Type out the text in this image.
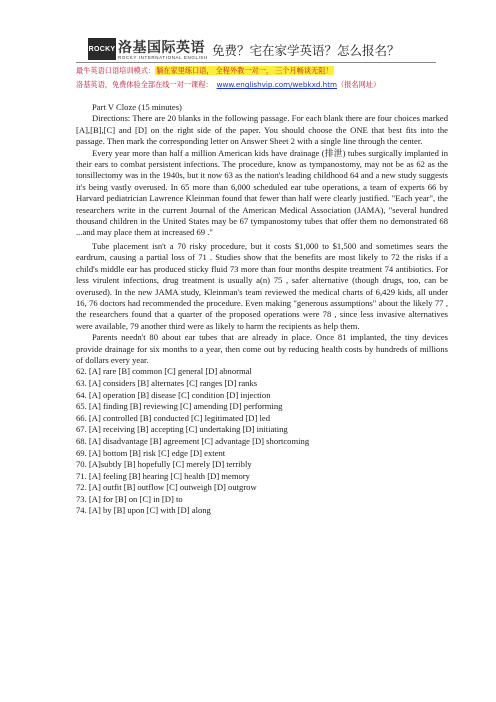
ROCKY 洛基国际英语
ROCKY INTERNATIONAL ENGLISH 免费？宅在家学英语？怎么报名？
最牛英语口语培训模式：躺在家里练口语， 全程外教一对一， 三个月畅谈无阻！
洛基英语，免费体验全部在线一对一课程： www.englishvip.com/webkxd.htm（报名网址）

Part V Cloze (15 minutes)

Directions: There are 20 blanks in the following passage. For each blank there are four choices marked [A],[B],[C] and [D] on the right side of the paper. You should choose the ONE that best fits into the passage. Then mark the corresponding letter on Answer Sheet 2 with a single line through the center.

Every year more than half a million American kids have drainage (排泄) tubes surgically implanted in their ears to combat persistent infections. The procedure, know as tympanostomy, may not be as 62 as the tonsillectomy was in the 1940s, but it now 63 as the nation's leading childhood 64 and a new study suggests it's being vastly overused. In 65 more than 6,000 scheduled ear tube operations, a team of experts 66 by Harvard pediatrician Lawrence Kleinman found that fewer than half were clearly justified. "Each year", the researchers write in the current Journal of the American Medical Association (JAMA), "several hundred thousand children in the United States may be 67 tympanostomy tubes that offer them no demonstrated 68 ...and may place them at increased 69 ."

Tube placement isn't a 70 risky procedure, but it costs $1,000 to $1,500 and sometimes sears the eardrum, causing a partial loss of 71 . Studies show that the benefits are most likely to 72 the risks if a child's middle ear has produced sticky fluid 73 more than four months despite treatment 74 antibiotics. For less virulent infections, drug treatment is usually a(n) 75 , safer alternative (though drugs, too, can be overused). In the new JAMA study, Kleinman's team reviewed the medical charts of 6,429 kids, all under 16, 76 doctors had recommended the procedure. Even making "generous assumptions" about the likely 77 , the researchers found that a quarter of the proposed operations were 78 , since less invasive alternatives were available, 79 another third were as likely to harm the recipients as help them.

Parents needn't 80 about ear tubes that are already in place. Once 81 implanted, the tiny devices provide drainage for six months to a year, then come out by reducing health costs by hundreds of millions of dollars every year.

62. [A] rare [B] common [C] general [D] abnormal

63. [A] considers [B] alternates [C] ranges [D] ranks

64. [A] operation [B] disease [C] condition [D] injection

65. [A] finding [B] reviewing [C] amending [D] performing

66. [A] controlled [B] conducted [C] legitimated [D] led

67. [A] receiving [B] accepting [C] undertaking [D] initiating

68. [A] disadvantage [B] agreement [C] advantage [D] shortcoming

69. [A] bottom [B] risk [C] edge [D] extent

70. [A]subtly [B] hopefully [C] merely [D] terribly

71. [A] feeling [B] hearing [C] health [D] memory

72. [A] outfit [B] outflow [C] outweigh [D] outgrow

73. [A] for [B] on [C] in [D] to

74. [A] by [B] upon [C] with [D] along
